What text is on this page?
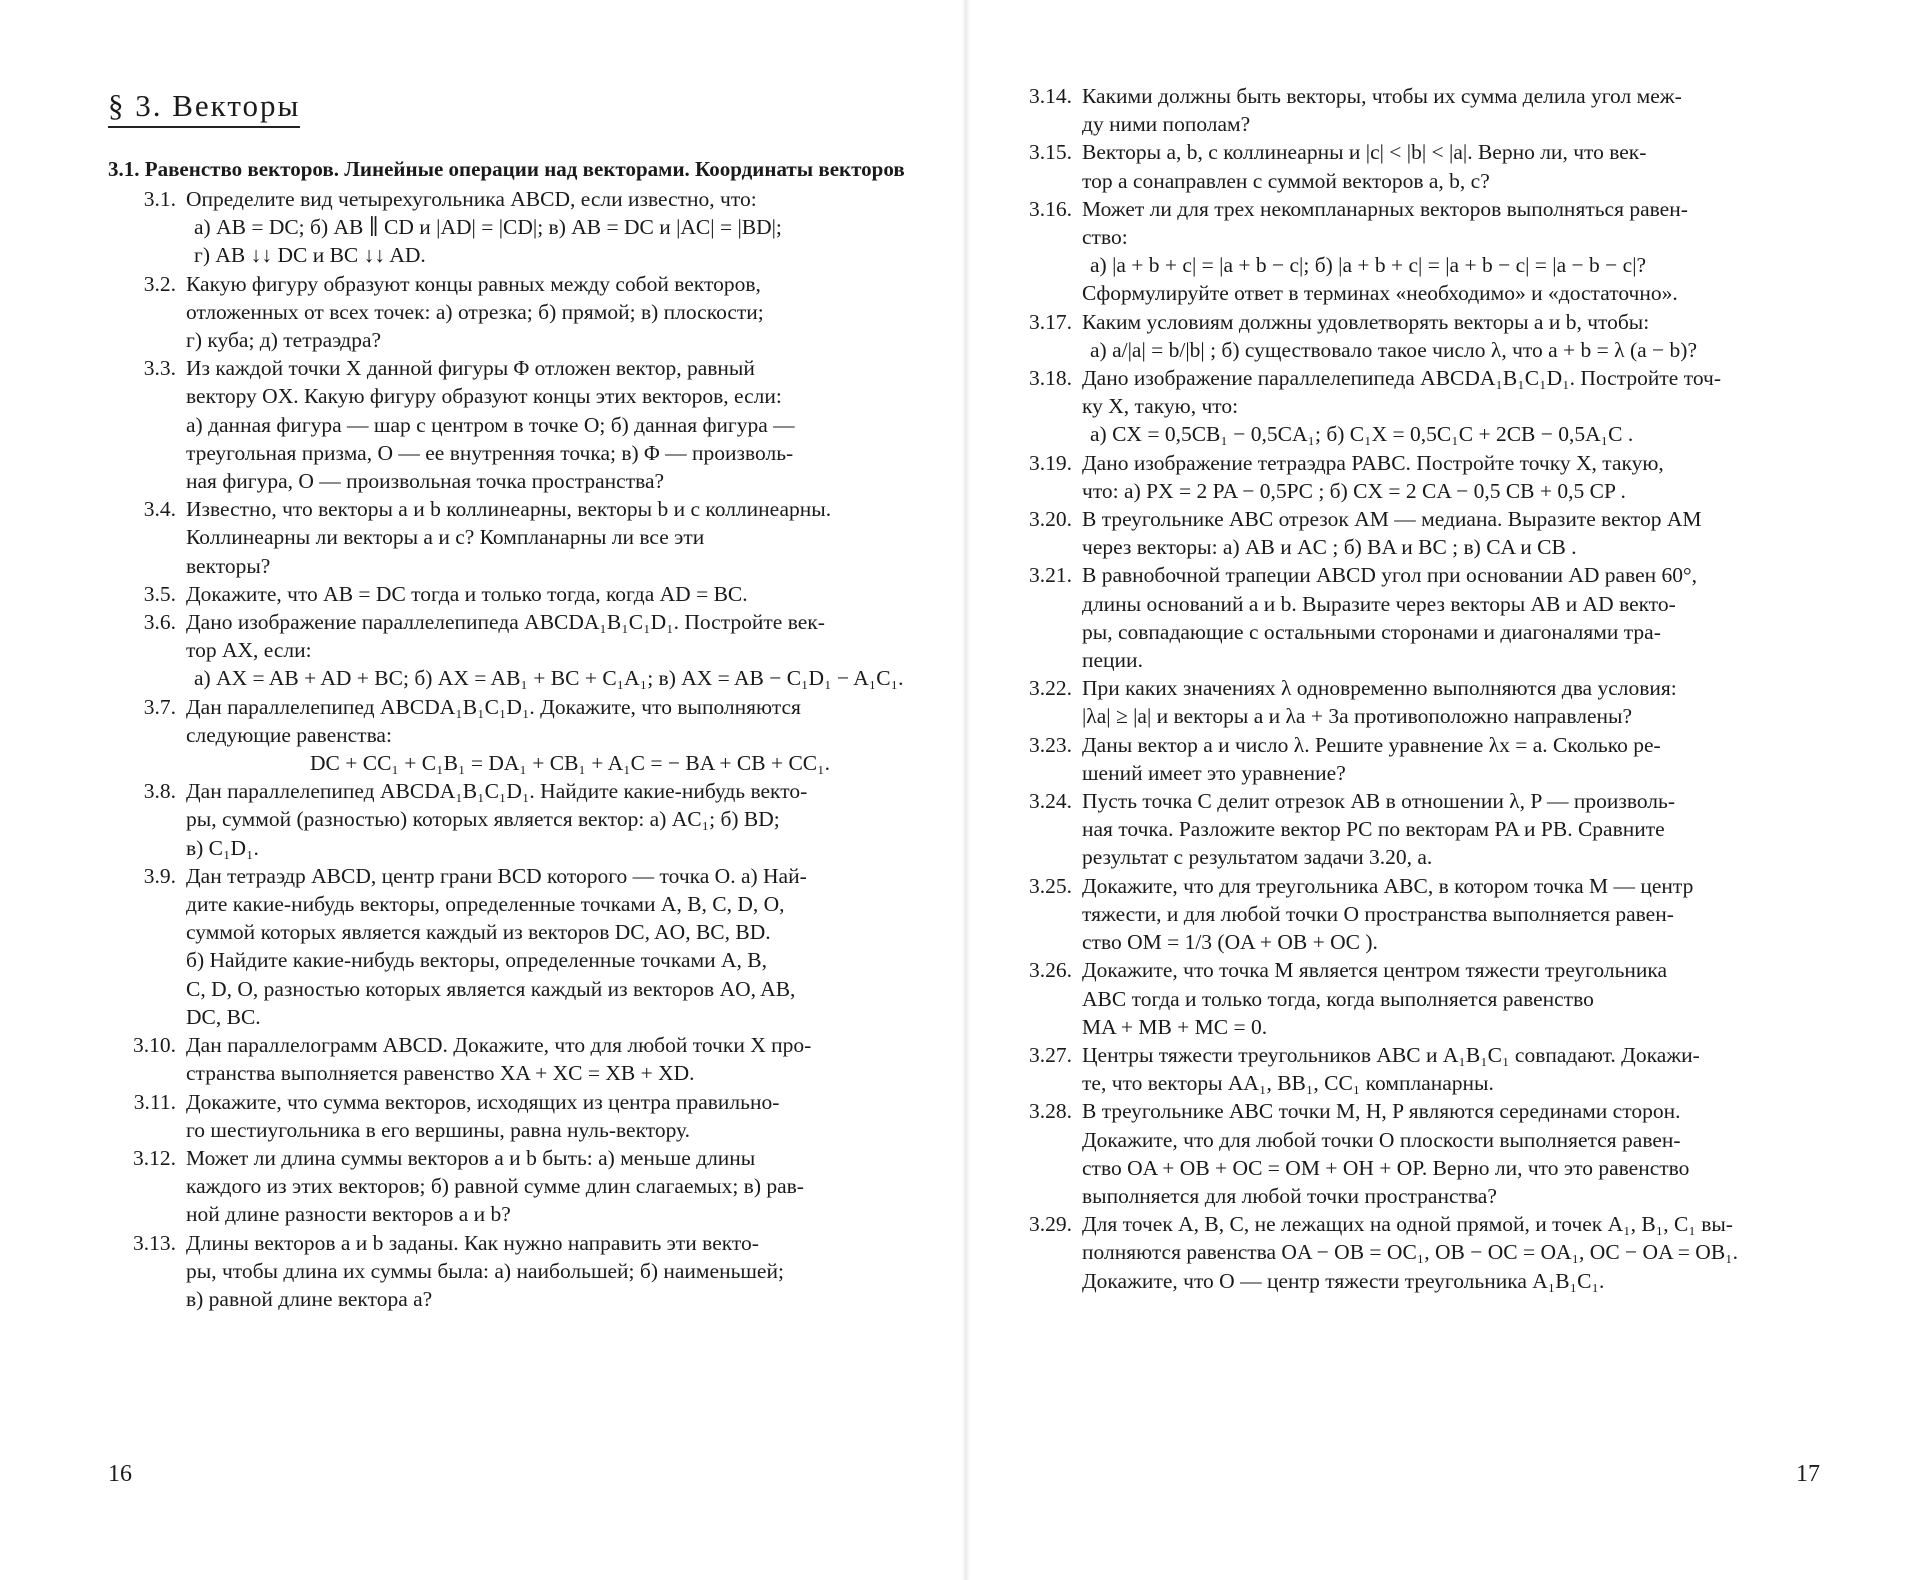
§ 3. Векторы
3.1. Равенство векторов. Линейные операции над векторами. Координаты векторов
3.1. Определите вид четырехугольника ABCD, если известно, что:
а) AB = DC; б) AB ∥ CD и |AD| = |CD|; в) AB = DC и |AC| = |BD|;
г) AB ↓↓ DC и BC ↓↓ AD.
3.2. Какую фигуру образуют концы равных между собой векторов,
отложенных от всех точек: а) отрезка; б) прямой; в) плоскости;
г) куба; д) тетраэдра?
3.3. Из каждой точки X данной фигуры Φ отложен вектор, равный
вектору OX. Какую фигуру образуют концы этих векторов, если:
а) данная фигура — шар с центром в точке O; б) данная фигура —
треугольная призма, O — ее внутренняя точка; в) Φ — произволь-
ная фигура, O — произвольная точка пространства?
3.4. Известно, что векторы a и b коллинеарны, векторы b и c коллинеарны.
Коллинеарны ли векторы a и c? Компланарны ли все эти
векторы?
3.5. Докажите, что AB = DC тогда и только тогда, когда AD = BC.
3.6. Дано изображение параллелепипеда ABCDA₁B₁C₁D₁. Постройте век-
тор AX, если:
а) AX = AB + AD + BC; б) AX = AB₁ + BC + C₁A₁; в) AX = AB − C₁D₁ − A₁C₁.
3.7. Дан параллелепипед ABCDA₁B₁C₁D₁. Докажите, что выполняются
следующие равенства:
DC + CC₁ + C₁B₁ = DA₁ + CB₁ + A₁C = − BA + CB + CC₁.
3.8. Дан параллелепипед ABCDA₁B₁C₁D₁. Найдите какие-нибудь векто-
ры, суммой (разностью) которых является вектор: а) AC₁; б) BD;
в) C₁D₁.
3.9. Дан тетраэдр ABCD, центр грани BCD которого — точка O. а) Най-
дите какие-нибудь векторы, определенные точками A, B, C, D, O,
суммой которых является каждый из векторов DC, AO, BC, BD.
б) Найдите какие-нибудь векторы, определенные точками A, B,
C, D, O, разностью которых является каждый из векторов AO, AB,
DC, BC.
3.10. Дан параллелограмм ABCD. Докажите, что для любой точки X про-
странства выполняется равенство XA + XC = XB + XD.
3.11. Докажите, что сумма векторов, исходящих из центра правильно-
го шестиугольника в его вершины, равна нуль-вектору.
3.12. Может ли длина суммы векторов a и b быть: а) меньше длины
каждого из этих векторов; б) равной сумме длин слагаемых; в) рав-
ной длине разности векторов a и b?
3.13. Длины векторов a и b заданы. Как нужно направить эти векто-
ры, чтобы длина их суммы была: а) наибольшей; б) наименьшей;
в) равной длине вектора a?
16
3.14. Какими должны быть векторы, чтобы их сумма делила угол меж-
ду ними пополам?
3.15. Векторы a, b, c коллинеарны и |c| < |b| < |a|. Верно ли, что век-
тор a сонаправлен с суммой векторов a, b, c?
3.16. Может ли для трех некомпланарных векторов выполняться равен-
ство:
а) |a + b + c| = |a + b − c|; б) |a + b + c| = |a + b − c| = |a − b − c|?
Сформулируйте ответ в терминах «необходимо» и «достаточно».
3.17. Каким условиям должны удовлетворять векторы a и b, чтобы:
а) a/|a| = b/|b| ; б) существовало такое число λ, что a + b = λ (a − b)?
3.18. Дано изображение параллелепипеда ABCDA₁B₁C₁D₁. Постройте точ-
ку X, такую, что:
а) CX = 0,5CB₁ − 0,5CA₁; б) C₁X = 0,5C₁C + 2CB − 0,5A₁C .
3.19. Дано изображение тетраэдра PABC. Постройте точку X, такую,
что: а) PX = 2 PA − 0,5PC ; б) CX = 2 CA − 0,5 CB + 0,5 CP .
3.20. В треугольнике ABC отрезок AM — медиана. Выразите вектор AM
через векторы: а) AB и AC ; б) BA и BC ; в) CA и CB .
3.21. В равнобочной трапеции ABCD угол при основании AD равен 60°,
длины оснований a и b. Выразите через векторы AB и AD векто-
ры, совпадающие с остальными сторонами и диагоналями тра-
пеции.
3.22. При каких значениях λ одновременно выполняются два условия:
|λa| ≥ |a| и векторы a и λa + 3a противоположно направлены?
3.23. Даны вектор a и число λ. Решите уравнение λx = a. Сколько ре-
шений имеет это уравнение?
3.24. Пусть точка C делит отрезок AB в отношении λ, P — произволь-
ная точка. Разложите вектор PC по векторам PA и PB. Сравните
результат с результатом задачи 3.20, а.
3.25. Докажите, что для треугольника ABC, в котором точка M — центр
тяжести, и для любой точки O пространства выполняется равен-
ство OM = 1/3 (OA + OB + OC ).
3.26. Докажите, что точка M является центром тяжести треугольника
ABC тогда и только тогда, когда выполняется равенство
MA + MB + MC = 0.
3.27. Центры тяжести треугольников ABC и A₁B₁C₁ совпадают. Докажи-
те, что векторы AA₁, BB₁, CC₁ компланарны.
3.28. В треугольнике ABC точки M, H, P являются серединами сторон.
Докажите, что для любой точки O плоскости выполняется равен-
ство OA + OB + OC = OM + OH + OP. Верно ли, что это равенство
выполняется для любой точки пространства?
3.29. Для точек A, B, C, не лежащих на одной прямой, и точек A₁, B₁, C₁ вы-
полняются равенства OA − OB = OC₁, OB − OC = OA₁, OC − OA = OB₁.
Докажите, что O — центр тяжести треугольника A₁B₁C₁.
17
